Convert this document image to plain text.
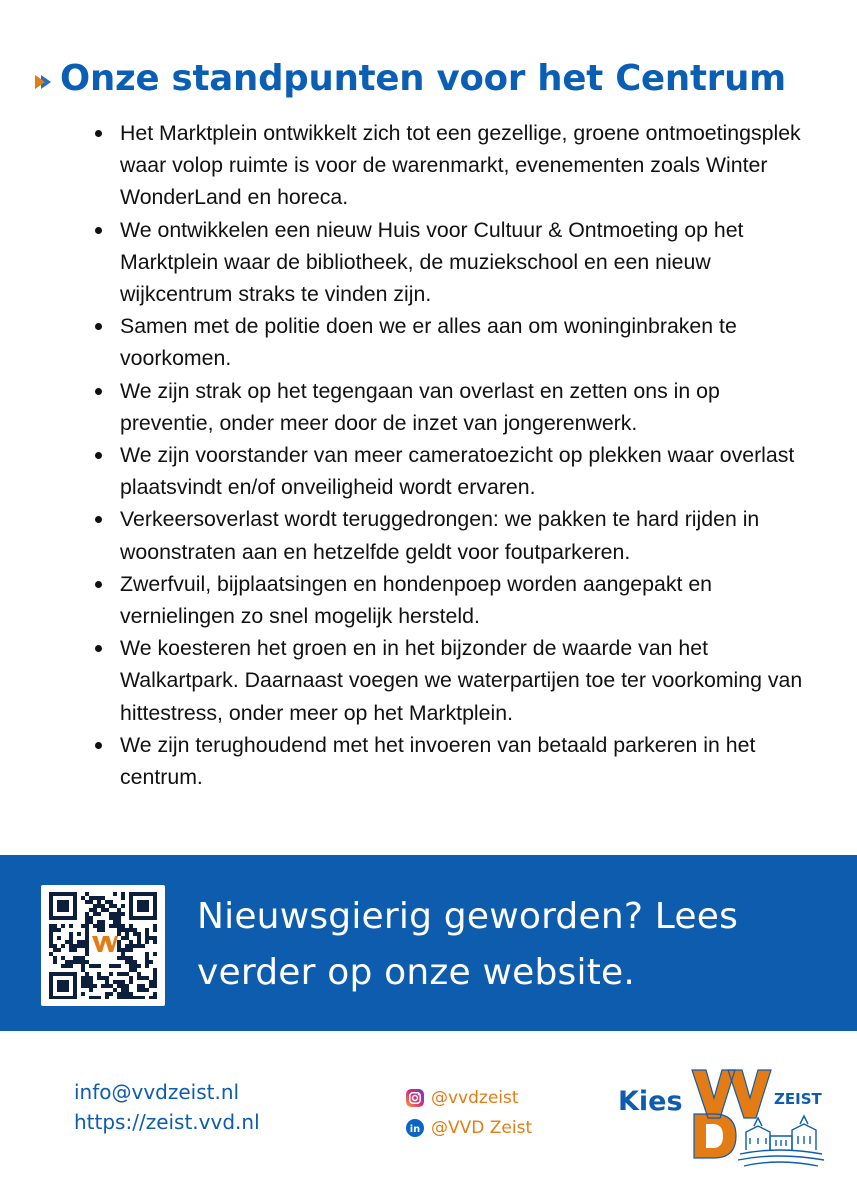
Onze standpunten voor het Centrum
Het Marktplein ontwikkelt zich tot een gezellige, groene ontmoetingsplek waar volop ruimte is voor de warenmarkt, evenementen zoals Winter WonderLand en horeca.
We ontwikkelen een nieuw Huis voor Cultuur & Ontmoeting op het Marktplein waar de bibliotheek, de muziekschool en een nieuw wijkcentrum straks te vinden zijn.
Samen met de politie doen we er alles aan om woninginbraken te voorkomen.
We zijn strak op het tegengaan van overlast en zetten ons in op preventie, onder meer door de inzet van jongerenwerk.
We zijn voorstander van meer cameratoezicht op plekken waar overlast plaatsvindt en/of onveiligheid wordt ervaren.
Verkeersoverlast wordt teruggedrongen: we pakken te hard rijden in woonstraten aan en hetzelfde geldt voor foutparkeren.
Zwerfvuil, bijplaatsingen en hondenpoep worden aangepakt en vernielingen zo snel mogelijk hersteld.
We koesteren het groen en in het bijzonder de waarde van het Walkartpark. Daarnaast voegen we waterpartijen toe ter voorkoming van hittestress, onder meer op het Marktplein.
We zijn terughoudend met het invoeren van betaald parkeren in het centrum.
Nieuwsgierig geworden? Lees
verder op onze website.
info@vvdzeist.nl
https://zeist.vvd.nl
@vvdzeist
in @VVD Zeist
Kies	ZEIST
